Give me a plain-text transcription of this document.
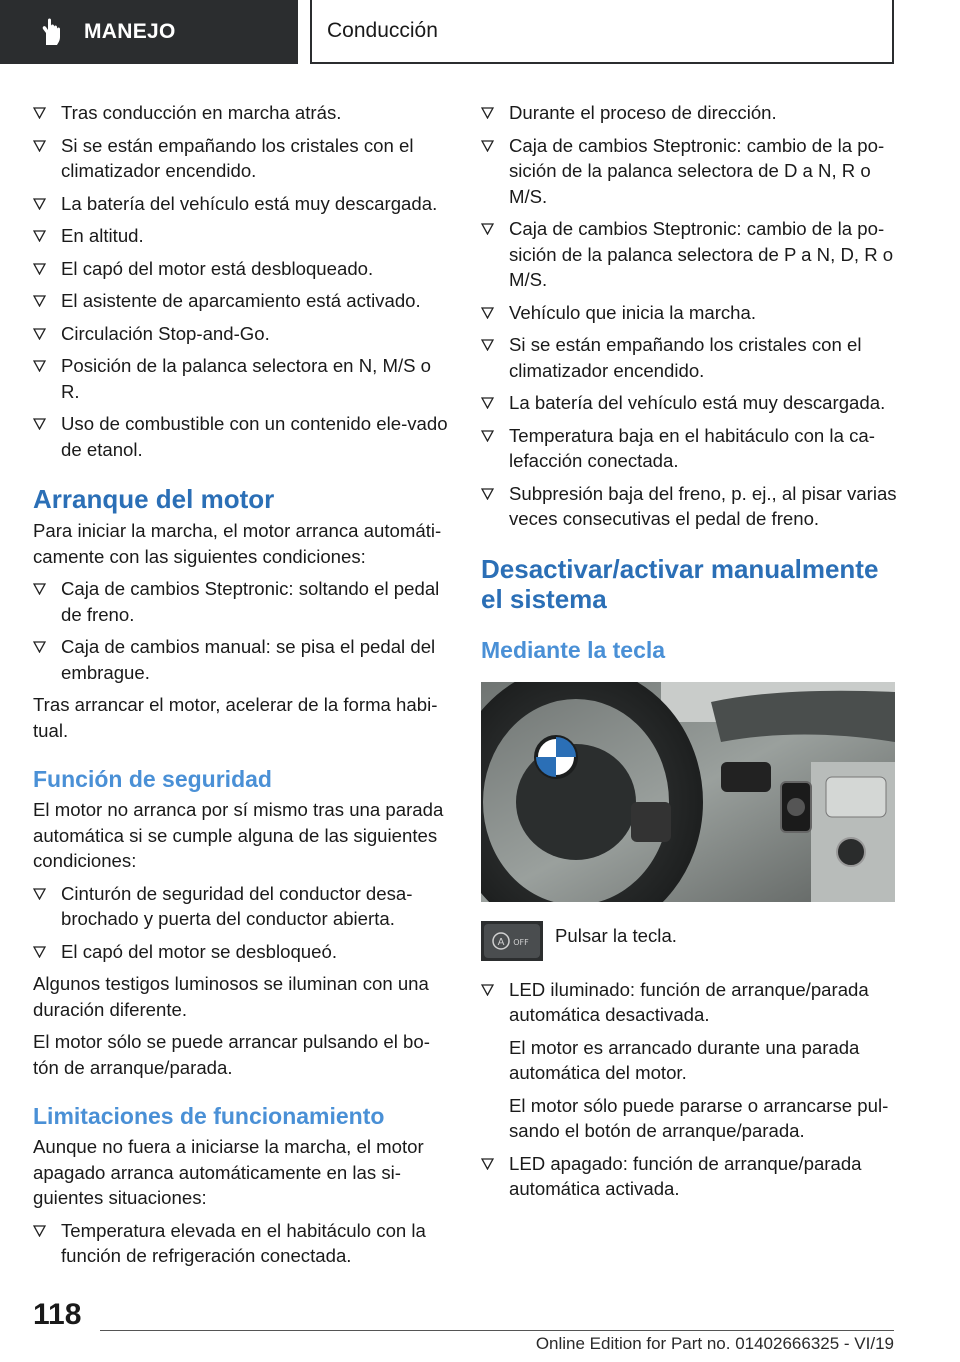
MANEJO	Conducción
Tras conducción en marcha atrás.
Si se están empañando los cristales con el climatizador encendido.
La batería del vehículo está muy descargada.
En altitud.
El capó del motor está desbloqueado.
El asistente de aparcamiento está activado.
Circulación Stop-and-Go.
Posición de la palanca selectora en N, M/S o R.
Uso de combustible con un contenido ele-vado de etanol.
Arranque del motor
Para iniciar la marcha, el motor arranca automáti-camente con las siguientes condiciones:
Caja de cambios Steptronic: soltando el pedal de freno.
Caja de cambios manual: se pisa el pedal del embrague.
Tras arrancar el motor, acelerar de la forma habi-tual.
Función de seguridad
El motor no arranca por sí mismo tras una parada automática si se cumple alguna de las siguientes condiciones:
Cinturón de seguridad del conductor desa-brochado y puerta del conductor abierta.
El capó del motor se desbloqueó.
Algunos testigos luminosos se iluminan con una duración diferente.
El motor sólo se puede arrancar pulsando el bo-tón de arranque/parada.
Limitaciones de funcionamiento
Aunque no fuera a iniciarse la marcha, el motor apagado arranca automáticamente en las si-guientes situaciones:
Temperatura elevada en el habitáculo con la función de refrigeración conectada.
Durante el proceso de dirección.
Caja de cambios Steptronic: cambio de la po-sición de la palanca selectora de D a N, R o M/S.
Caja de cambios Steptronic: cambio de la po-sición de la palanca selectora de P a N, D, R o M/S.
Vehículo que inicia la marcha.
Si se están empañando los cristales con el climatizador encendido.
La batería del vehículo está muy descargada.
Temperatura baja en el habitáculo con la ca-lefacción conectada.
Subpresión baja del freno, p. ej., al pisar varias veces consecutivas el pedal de freno.
Desactivar/activar manualmente el sistema
Mediante la tecla
A OFF Pulsar la tecla.
LED iluminado: función de arranque/parada automática desactivada.
El motor es arrancado durante una parada automática del motor.
El motor sólo puede pararse o arrancarse pul-sando el botón de arranque/parada.
LED apagado: función de arranque/parada automática activada.
118
Online Edition for Part no. 01402666325 - VI/19
